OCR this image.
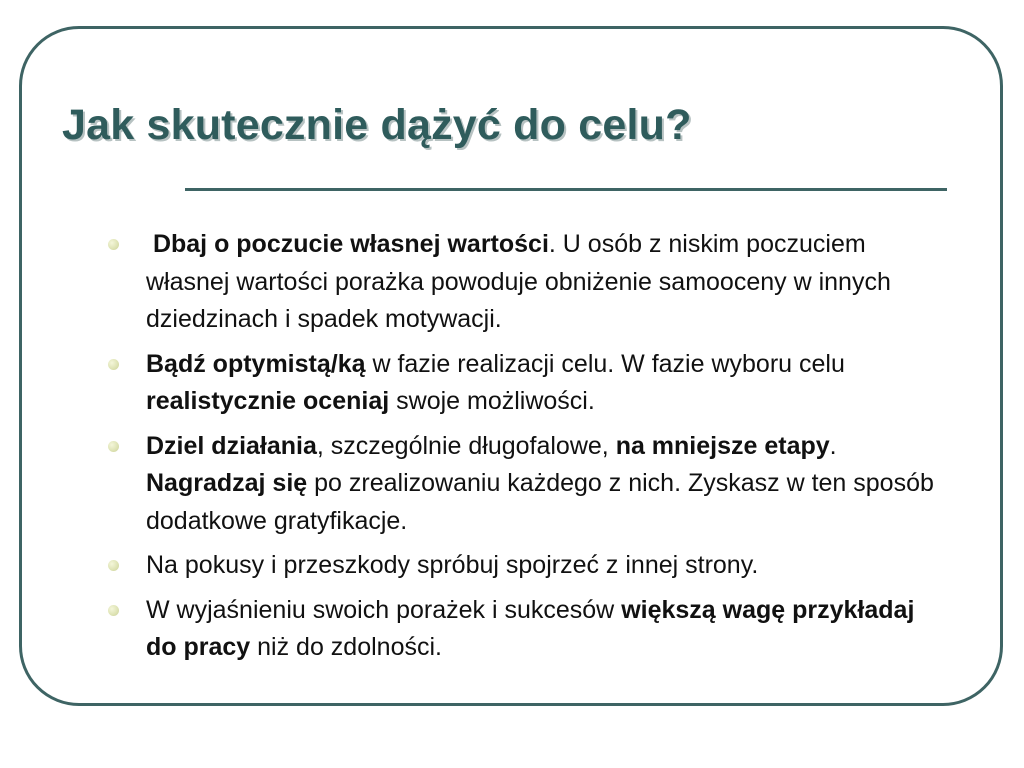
Jak skutecznie dążyć do celu?
Dbaj o poczucie własnej wartości. U osób z niskim poczuciem własnej wartości porażka powoduje obniżenie samooceny w innych dziedzinach i spadek motywacji.
Bądź optymistą/ką w fazie realizacji celu. W fazie wyboru celu realistycznie oceniaj swoje możliwości.
Dziel działania, szczególnie długofalowe, na mniejsze etapy. Nagradzaj się po zrealizowaniu każdego z nich. Zyskasz w ten sposób dodatkowe gratyfikacje.
Na pokusy i przeszkody spróbuj spojrzeć z innej strony.
W wyjaśnieniu swoich porażek i sukcesów większą wagę przykładaj do pracy niż do zdolności.
